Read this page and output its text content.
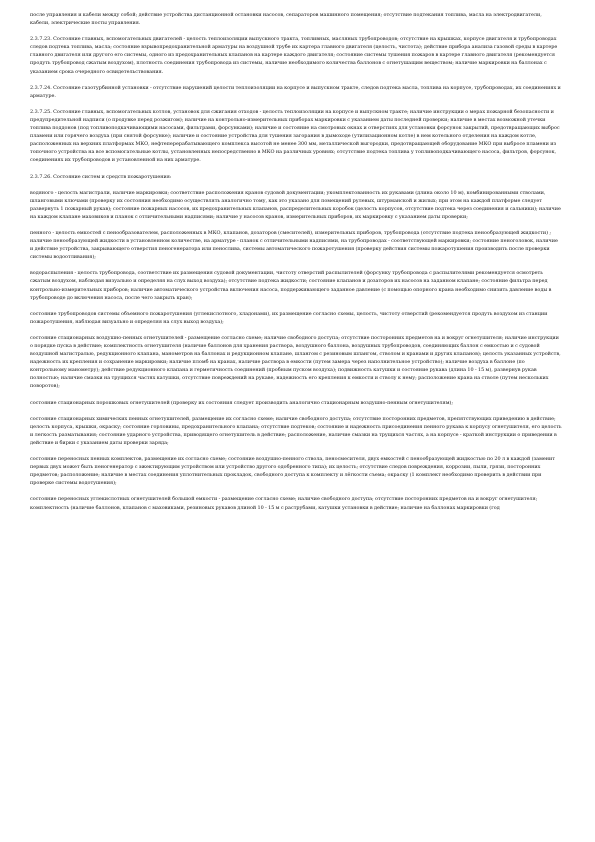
после управления и кабели между собой; действие устройства дистанционной остановки насосов, сепараторов машинного помещения; отсутствие подтекания топлива, масла на электродвигатели, кабели, электрические посты управления.

2.3.7.23. Состояние главных, вспомогательных двигателей - целость теплоизоляции выпускного тракта, топливных, масляных трубопроводов; отсутствие на крышках, корпусе двигателя и трубопроводах следов подтека топлива, масла; состояние взрывопредохранительной арматуры на воздушной трубе их картера главного двигателя (целость, чистота); действие прибора анализа газовой среды в картере главного двигателя или другого его системы, одного из предохранительных клапанов на картере каждого двигателя; состояние системы тушения пожаров в картере главного двигателя (рекомендуется продуть трубопровод сжатым воздухом), плотность соединения трубопровода из системы, наличие необходимого количества баллонов с огнетушащим веществом; наличие маркировки на баллонах с указанием срока очередного освидетельствования.

2.3.7.24. Состояние газотурбинной установки - отсутствие нарушений целости теплоизоляции на корпусе и выпускном тракте, следов подтека масла, топлива на корпусе, трубопроводах, их соединениях и арматуре.

2.3.7.25. Состояние главных, вспомогательных котлов, установок для сжигания отходов - целость теплоизоляции на корпусе и выпускном тракте; наличие инструкции о мерах пожарной безопасности и предупредительной надписи (о продувке перед розжигом); наличие на контрольно-измерительных приборах маркировки с указанием даты последней проверки; наличие в местах возможной утечки топлива поддонов (под топливоподкачивающими насосами, фильтрами, форсунками); наличие и состояние на смотровых окнах и отверстиях для установки форсунок закрытий, предотвращающих выброс пламени или горячего воздуха (при снятой форсунке); наличие и состояние устройства для тушения загорания в дымоходе (утилизационном котле) в нем котельного отделения на каждом котле, расположенных на верхних платформах МКО, нефтеперерабатывающего комплекса высотой не менее 300 мм, металлической выгородки, предотвращающей оборудование МКО при выбросе пламени из топочного устройства на все вспомогательные котлы, установленных непосредственно в МКО на различных уровнях; отсутствие подтека топлива у топливоподкачивающего насоса, фильтров, форсунок, соединениях их трубопроводов и установленной на них арматуре.

2.3.7.26. Состояние систем и средств пожаротушения:

водяного - целость магистрали, наличие маркировки; соответствие расположения кранов судовой документации; укомплектованность их рукавами (длина около 10 м), комбинированными стволами, шланговыми ключами (проверку их состояния необходимо осуществлять аналогично тому, как это указано для помещений рулевых, штурманской и жилых; при этом на каждой платформе следует развернуть 1 пожарный рукав); состояние пожарных насосов, их предохранительных клапанов, распределительных коробок (целость корпусов, отсутствие подтека через соединения и сальники); наличие на каждом клапане маховиков и планок с отличительными надписями; наличие у насосов кранов, измерительных приборов, их маркировку с указанием даты проверки;

пенного - целость емкостей с пенообразователем, расположенных в МКО, клапанов, дозаторов (смесителей), измерительных приборов, трубопровода (отсутствие подтека пенообразующей жидкости) ; наличие пенообразующей жидкости в установленном количестве, на арматуре - планок с отличительными надписями, на трубопроводах - соответствующей маркировки; состояние пеноголовок, наличие и действие устройства, закрывающего отверстия пеногенератора или пенослива, системы автоматического пожаротушения (проверку действия системы пожаротушения производить после проверки системы водоотливания);

водораспыления - целость трубопровода, соответствие их размещения судовой документации, чистоту отверстий распылителей (форсунку трубопровода с распылителями рекомендуется осмотреть сжатым воздухом, наблюдая визуально и определяя на слух выход воздуха); отсутствие подтека жидкости; состояние клапанов и дозаторов их насосов на заданном клапане; состояние фильтра перед контрольно-измерительных приборов; наличие автоматического устройства включения насоса, поддерживающего заданное давление (с помощью опорного крана необходимо снизить давление воды в трубопроводе до включения насоса, после чего закрыть кран);

состояние трубопроводов системы объемного пожаротушения (углекислотного, хладонами), их размещение согласно схемы, целость, чистоту отверстий (рекомендуется продуть воздухом из станции пожаротушения, наблюдая визуально и определяя на слух выход воздуха);

состояние стационарных воздушно-пенных огнетушителей - размещение согласно схеме; наличие свободного доступа; отсутствие посторонних предметов на и вокруг огнетушителя; наличие инструкции о порядке пуска в действие; комплектность огнетушителя (наличие баллонов для хранения раствора, воздушного баллона, воздушных трубопроводов, соединяющих баллон с емкостью и с судовой воздушной магистралью, редукционного клапана, манометров на баллонах и редукционном клапане, шлангом с резиновым шлангом, стволом и кранами и других клапанов); целость указанных устройств, надежность их крепления и сохранение маркировки; наличие пломб на кранах, наличие раствора в емкости (путем замера через наполнительное устройство); наличие воздуха в баллоне (по контрольному манометру); действие редукционного клапана и герметичность соединений (пробным пуском воздуха); подвижность катушки и состояние рукава (длина 10 - 15 м), развернув рукав полностью; наличие смазки на трущихся частях катушки, отсутствие повреждений на рукаве, надежность его крепления к емкости и стволу к нему; расположение крана на стволе (путем нескольких поворотов);

состояние стационарных порошковых огнетушителей (проверку их состояния следует производить аналогично стационарным воздушно-пенным огнетушителям);

состояние стационарных химических пенных огнетушителей, размещение их согласно схеме; наличие свободного доступа; отсутствие посторонних предметов, препятствующих приведению в действие; целость корпуса, крышки, окраску; состояние горловины, предохранительного клапана; отсутствие подтеков; состояние и надежность присоединения пенного рукава к корпусу огнетушителя, его целость и легкость разматывания; состояние ударного устройства, приводящего огнетушитель в действие; расположение, наличие смазки на трущихся частях, а на корпусе - краткой инструкции о приведении в действие и бирки с указанием даты проверки заряда;

состояние переносных пенных комплектов, размещение их согласно схеме; состояние воздушно-пенного ствола, пеносмесителя, двух емкостей с пенообразующей жидкостью по 20 л в каждой (заменит первых двух может быть пеногенератор с эжектирующим устройством или устройство другого одобренного типа); их целость; отсутствие следов повреждения, коррозии, пыли, грязи, посторонних предметов; расположение; наличие в местах соединения уплотнительных прокладок, свободного доступа к комплекту и лёгкости съема; окраску (1 комплект необходимо проверить в действии при проверке системы водотушения);

состояние переносных углекислотных огнетушителей большой емкости - размещение согласно схеме; наличие свободного доступа; отсутствие посторонних предметов на и вокруг огнетушителя; комплектность (наличие баллонов, клапанов с маховиками, резиновых рукавов длиной 10 - 15 м с раструбами, катушки установки в действие; наличие на баллонах маркировки (год
